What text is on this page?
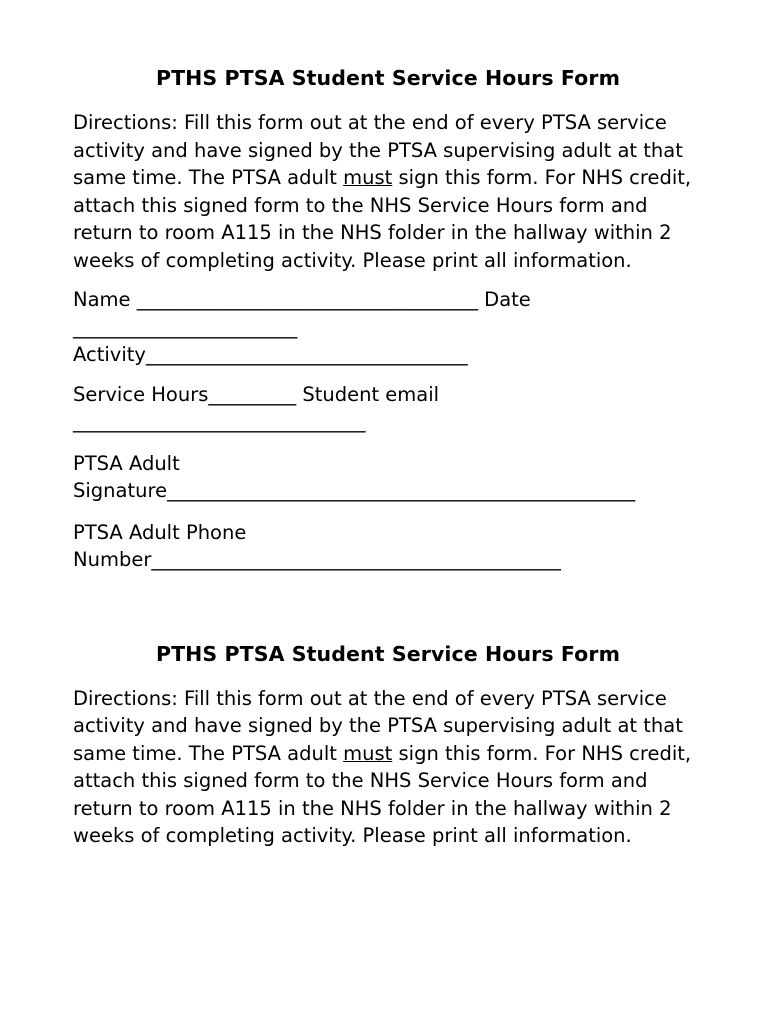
PTHS PTSA Student Service Hours Form

Directions: Fill this form out at the end of every PTSA service activity and have signed by the PTSA supervising adult at that same time. The PTSA adult must sign this form. For NHS credit, attach this signed form to the NHS Service Hours form and return to room A115 in the NHS folder in the hallway within 2 weeks of completing activity. Please print all information.

Name ___________________________________ Date
_______________________
Activity_________________________________
Service Hours_________ Student email
______________________________
PTSA Adult
Signature________________________________________________
PTSA Adult Phone
Number__________________________________________
PTHS PTSA Student Service Hours Form

Directions: Fill this form out at the end of every PTSA service activity and have signed by the PTSA supervising adult at that same time. The PTSA adult must sign this form. For NHS credit, attach this signed form to the NHS Service Hours form and return to room A115 in the NHS folder in the hallway within 2 weeks of completing activity. Please print all information.
